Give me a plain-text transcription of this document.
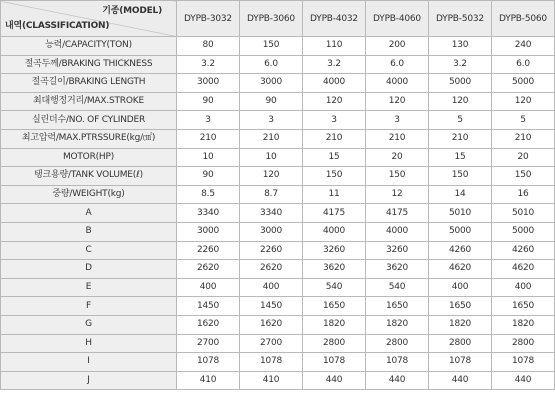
기종(MODEL)
내역(CLASSIFICATION)	DYPB-3032	DYPB-3060	DYPB-4032	DYPB-4060	DYPB-5032	DYPB-5060
능력/CAPACITY(TON)	80	150	110	200	130	240
절곡두께/BRAKING THICKNESS	3.2	6.0	3.2	6.0	3.2	6.0
절곡길이/BRAKING LENGTH	3000	3000	4000	4000	5000	5000
최대행정거리/MAX.STROKE	90	90	120	120	120	120
실린더수/NO. OF CYLINDER	3	3	3	3	5	5
최고압력/MAX.PTRSSURE(kg/㎠)	210	210	210	210	210	210
MOTOR(HP)	10	10	15	20	15	20
탱크용량/TANK VOLUME(ℓ)	90	120	150	150	150	150
중량/WEIGHT(kg)	8.5	8.7	11	12	14	16
A	3340	3340	4175	4175	5010	5010
B	3000	3000	4000	4000	5000	5000
C	2260	2260	3260	3260	4260	4260
D	2620	2620	3620	3620	4620	4620
E	400	400	540	540	400	400
F	1450	1450	1650	1650	1650	1650
G	1620	1620	1820	1820	1820	1820
H	2700	2700	2800	2800	2800	2800
I	1078	1078	1078	1078	1078	1078
J	410	410	440	440	440	440
